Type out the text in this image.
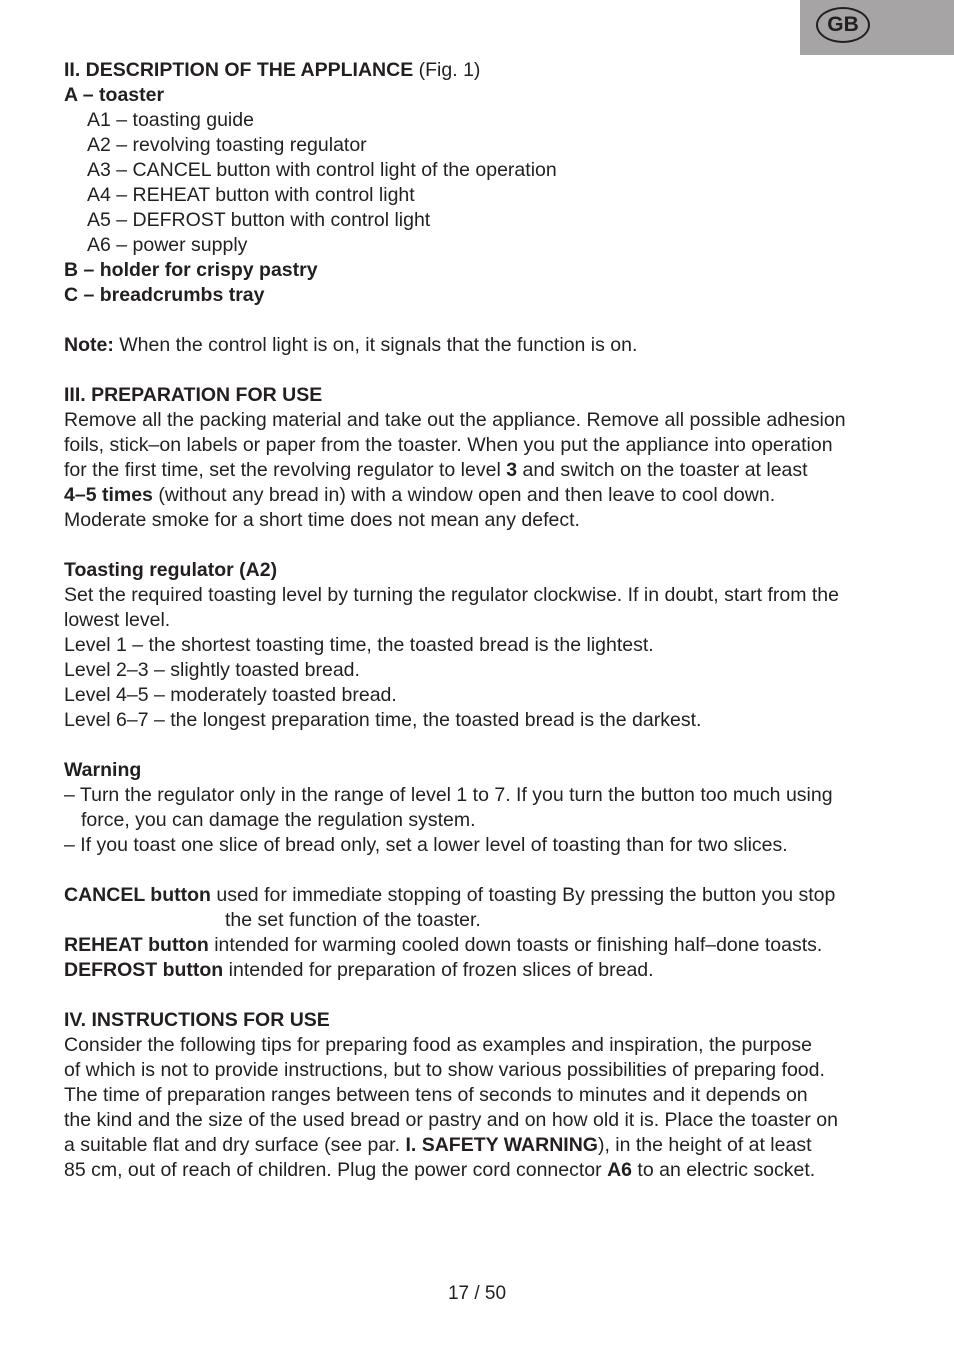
GB
II. DESCRIPTION OF THE APPLIANCE (Fig. 1)
A – toaster
A1 – toasting guide
A2 – revolving toasting regulator
A3 – CANCEL button with control light of the operation
A4 – REHEAT button with control light
A5 – DEFROST button with control light
A6 – power supply
B – holder for crispy pastry
C – breadcrumbs tray
Note: When the control light is on, it signals that the function is on.
III. PREPARATION FOR USE
Remove all the packing material and take out the appliance. Remove all possible adhesion
foils, stick–on labels or paper from the toaster. When you put the appliance into operation
for the first time, set the revolving regulator to level 3 and switch on the toaster at least
4–5 times (without any bread in) with a window open and then leave to cool down.
Moderate smoke for a short time does not mean any defect.
Toasting regulator (A2)
Set the required toasting level by turning the regulator clockwise. If in doubt, start from the
lowest level.
Level 1 – the shortest toasting time, the toasted bread is the lightest.
Level 2–3 – slightly toasted bread.
Level 4–5 – moderately toasted bread.
Level 6–7 – the longest preparation time, the toasted bread is the darkest.
Warning
– Turn the regulator only in the range of level 1 to 7. If you turn the button too much using
force, you can damage the regulation system.
– If you toast one slice of bread only, set a lower level of toasting than for two slices.
CANCEL button used for immediate stopping of toasting By pressing the button you stop
the set function of the toaster.
REHEAT button intended for warming cooled down toasts or finishing half–done toasts.
DEFROST button intended for preparation of frozen slices of bread.
IV. INSTRUCTIONS FOR USE
Consider the following tips for preparing food as examples and inspiration, the purpose
of which is not to provide instructions, but to show various possibilities of preparing food.
The time of preparation ranges between tens of seconds to minutes and it depends on
the kind and the size of the used bread or pastry and on how old it is. Place the toaster on
a suitable flat and dry surface (see par. I. SAFETY WARNING), in the height of at least
85 cm, out of reach of children. Plug the power cord connector A6 to an electric socket.
17 / 50
